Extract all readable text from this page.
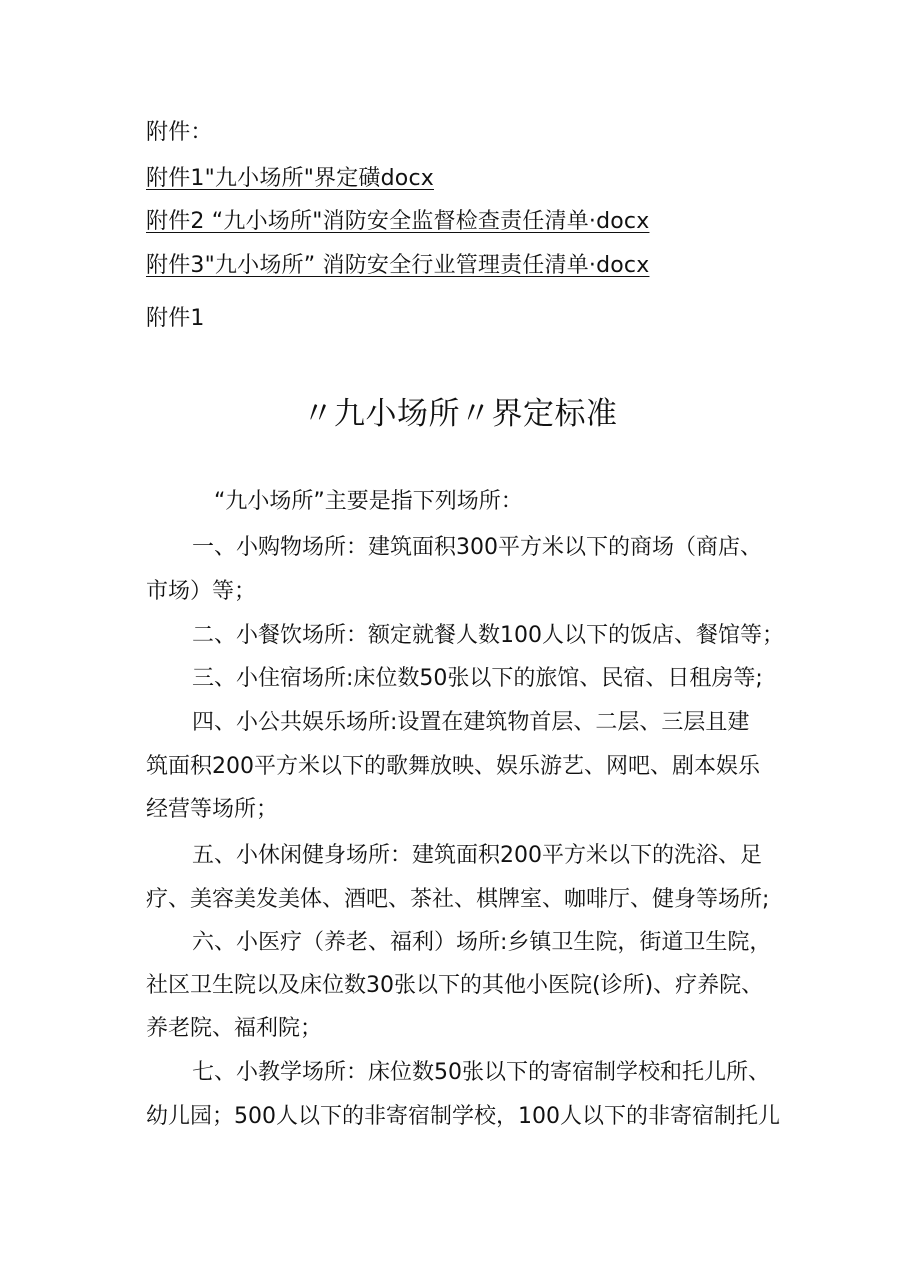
附件：
附件1"九小场所"界定磺docx
附件2 “九小场所"消防安全监督检查责任清单·docx
附件3"九小场所” 消防安全行业管理责任清单·docx
附件1
〃九小场所〃界定标准
“九小场所”主要是指下列场所：
一、小购物场所：建筑面积300平方米以下的商场（商店、
市场）等；
二、小餐饮场所：额定就餐人数100人以下的饭店、餐馆等；
三、小住宿场所:床位数50张以下的旅馆、民宿、日租房等;
四、小公共娱乐场所:设置在建筑物首层、二层、三层且建
筑面积200平方米以下的歌舞放映、娱乐游艺、网吧、剧本娱乐
经营等场所；
五、小休闲健身场所：建筑面积200平方米以下的洗浴、足
疗、美容美发美体、酒吧、茶社、棋牌室、咖啡厅、健身等场所;
六、小医疗（养老、福利）场所:乡镇卫生院，街道卫生院，
社区卫生院以及床位数30张以下的其他小医院(诊所)、疗养院、
养老院、福利院；
七、小教学场所：床位数50张以下的寄宿制学校和托儿所、
幼儿园；500人以下的非寄宿制学校，100人以下的非寄宿制托儿
